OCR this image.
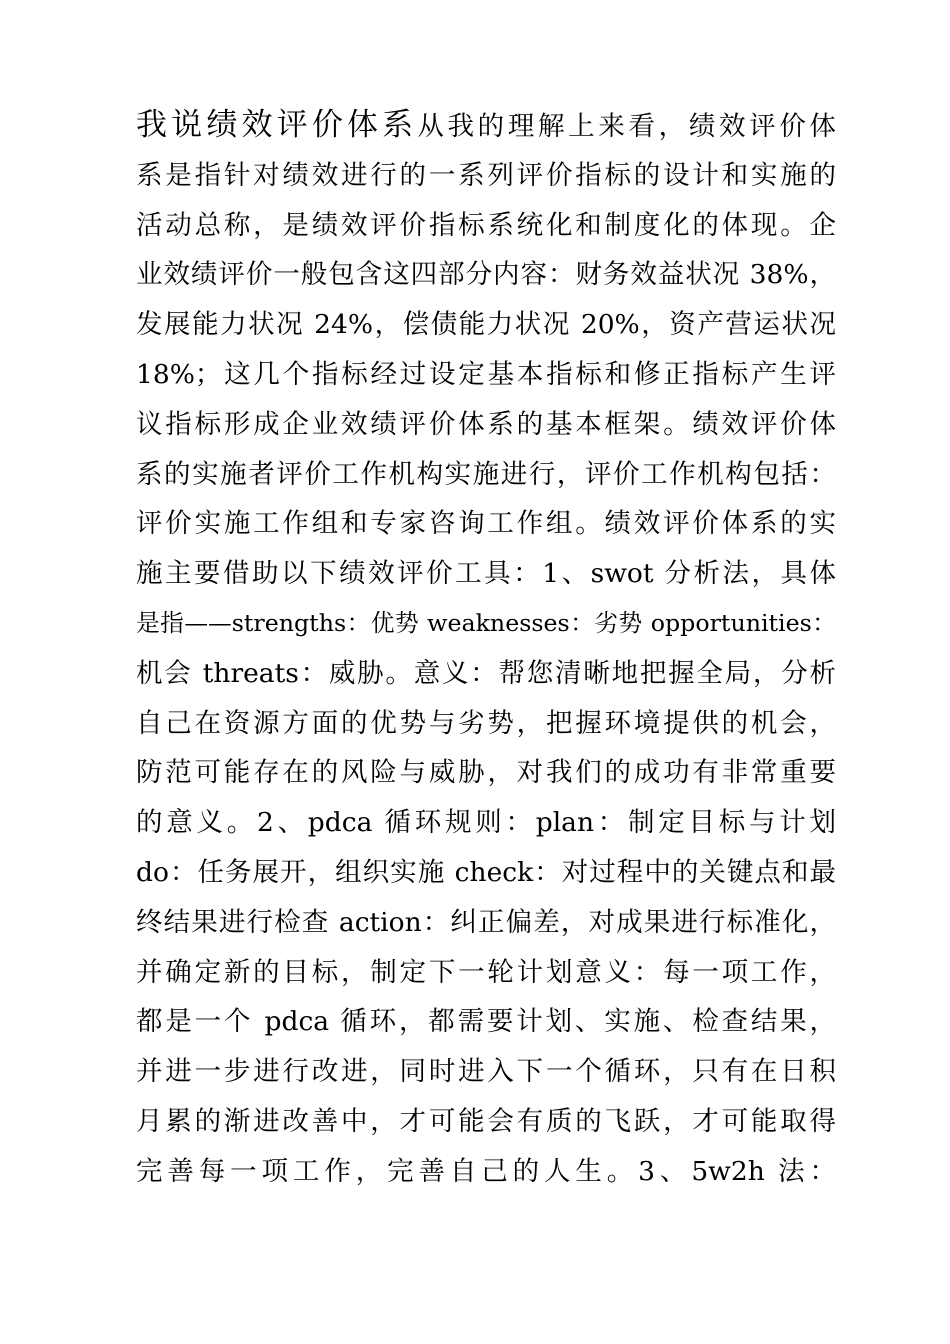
我说绩效评价体系从我的理解上来看，绩效评价体
系是指针对绩效进行的一系列评价指标的设计和实施的
活动总称，是绩效评价指标系统化和制度化的体现。企
业效绩评价一般包含这四部分内容：财务效益状况 38%，
发展能力状况 24%，偿债能力状况 20%，资产营运状况
18%；这几个指标经过设定基本指标和修正指标产生评
议指标形成企业效绩评价体系的基本框架。绩效评价体
系的实施者评价工作机构实施进行，评价工作机构包括：
评价实施工作组和专家咨询工作组。绩效评价体系的实
施主要借助以下绩效评价工具：1、swot 分析法，具体
是指——strengths：优势 weaknesses：劣势 opportunities：
机会 threats：威胁。意义：帮您清晰地把握全局，分析
自己在资源方面的优势与劣势，把握环境提供的机会，
防范可能存在的风险与威胁，对我们的成功有非常重要
的意义。2、pdca 循环规则：plan：制定目标与计划
do：任务展开，组织实施 check：对过程中的关键点和最
终结果进行检查 action：纠正偏差，对成果进行标准化，
并确定新的目标，制定下一轮计划意义：每一项工作，
都是一个 pdca 循环，都需要计划、实施、检查结果，
并进一步进行改进，同时进入下一个循环，只有在日积
月累的渐进改善中，才可能会有质的飞跃，才可能取得
完善每一项工作，完善自己的人生。3、5w2h 法：
